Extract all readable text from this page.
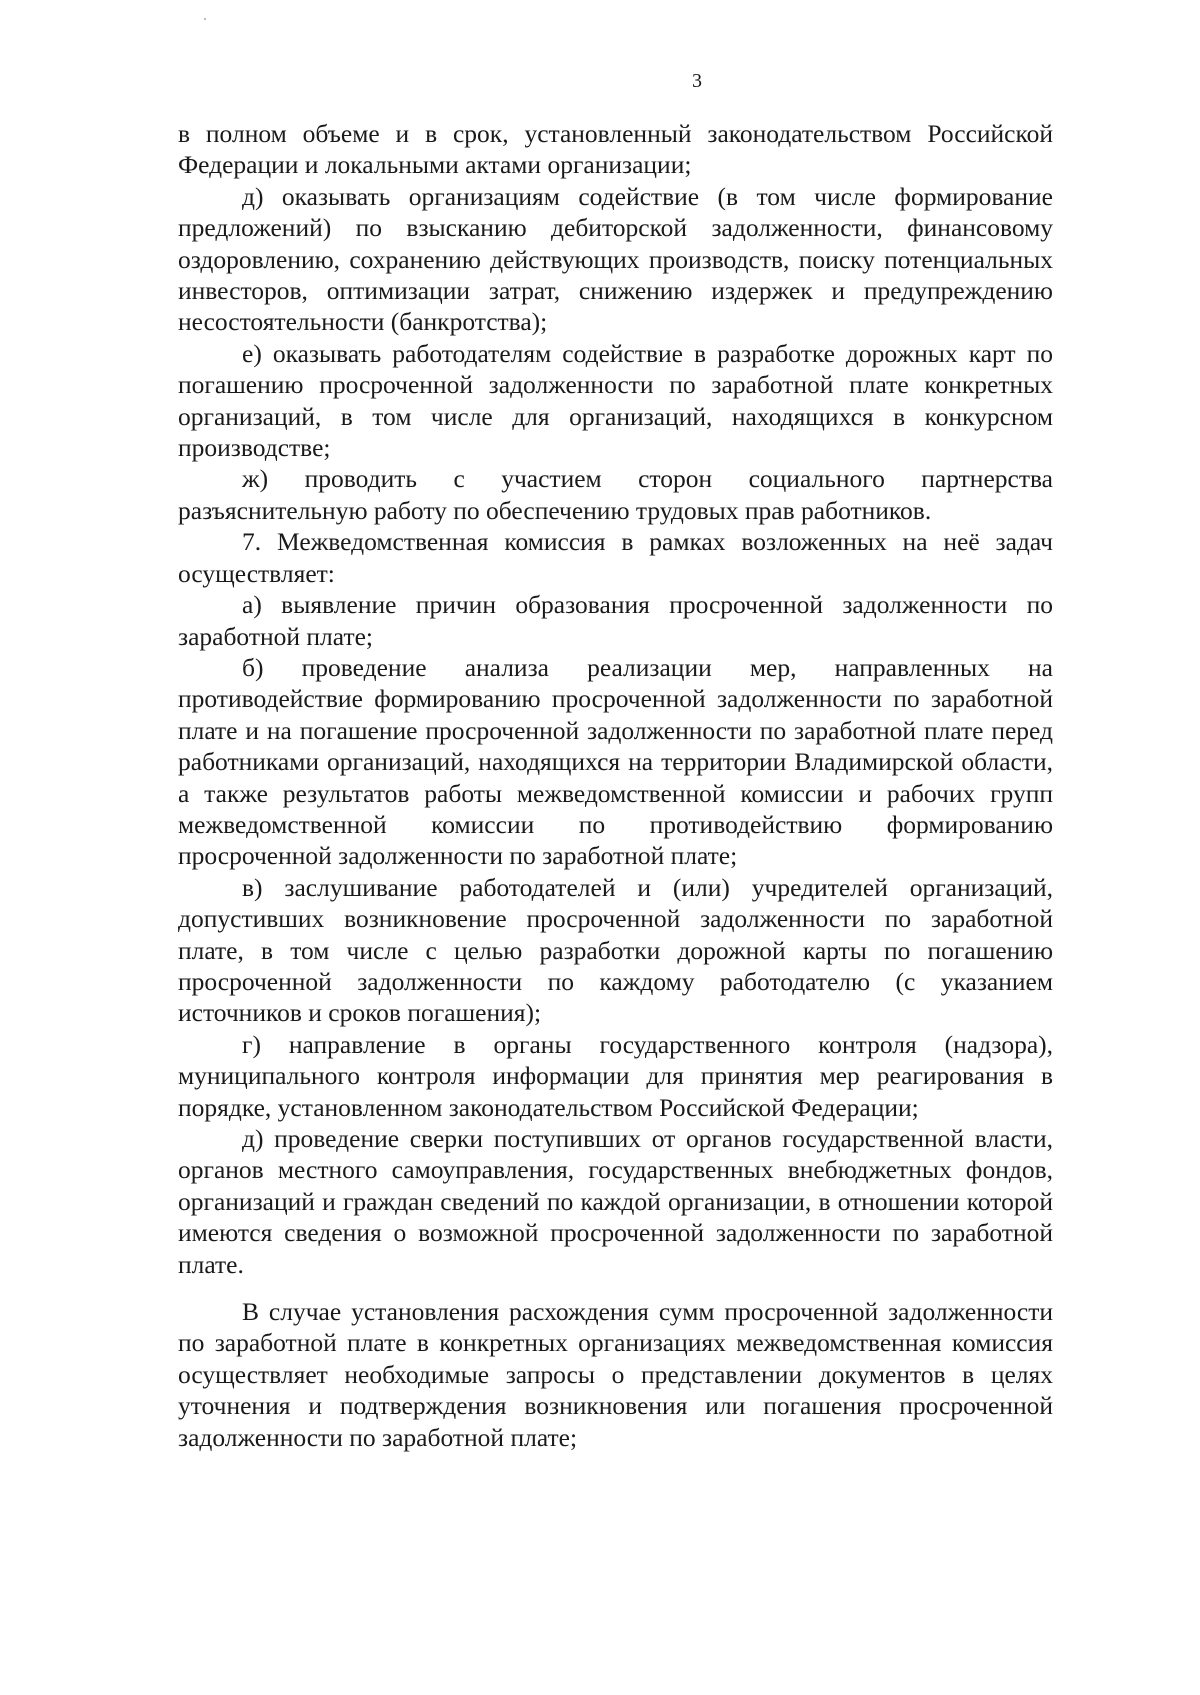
3

в полном объеме и в срок, установленный законодательством Российской Федерации и локальными актами организации;

д) оказывать организациям содействие (в том числе формирование предложений) по взысканию дебиторской задолженности, финансовому оздоровлению, сохранению действующих производств, поиску потенциальных инвесторов, оптимизации затрат, снижению издержек и предупреждению несостоятельности (банкротства);

е) оказывать работодателям содействие в разработке дорожных карт по погашению просроченной задолженности по заработной плате конкретных организаций, в том числе для организаций, находящихся в конкурсном производстве;

ж) проводить с участием сторон социального партнерства разъяснительную работу по обеспечению трудовых прав работников.

7. Межведомственная комиссия в рамках возложенных на неё задач осуществляет:

а) выявление причин образования просроченной задолженности по заработной плате;

б) проведение анализа реализации мер, направленных на противодействие формированию просроченной задолженности по заработной плате и на погашение просроченной задолженности по заработной плате перед работниками организаций, находящихся на территории Владимирской области, а также результатов работы межведомственной комиссии и рабочих групп межведомственной комиссии по противодействию формированию просроченной задолженности по заработной плате;

в) заслушивание работодателей и (или) учредителей организаций, допустивших возникновение просроченной задолженности по заработной плате, в том числе с целью разработки дорожной карты по погашению просроченной задолженности по каждому работодателю (с указанием источников и сроков погашения);

г) направление в органы государственного контроля (надзора), муниципального контроля информации для принятия мер реагирования в порядке, установленном законодательством Российской Федерации;

д) проведение сверки поступивших от органов государственной власти, органов местного самоуправления, государственных внебюджетных фондов, организаций и граждан сведений по каждой организации, в отношении которой имеются сведения о возможной просроченной задолженности по заработной плате.

В случае установления расхождения сумм просроченной задолженности по заработной плате в конкретных организациях межведомственная комиссия осуществляет необходимые запросы о представлении документов в целях уточнения и подтверждения возникновения или погашения просроченной задолженности по заработной плате;
